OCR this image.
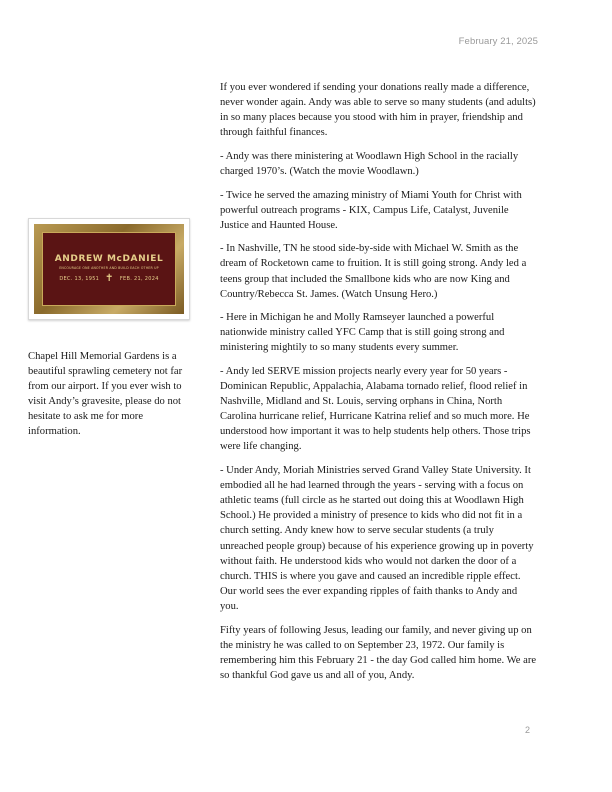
February 21, 2025

If you ever wondered if sending your donations really made a difference, never wonder again. Andy was able to serve so many students (and adults) in so many places because you stood with him in prayer, friendship and through faithful finances.

- Andy was there ministering at Woodlawn High School in the racially charged 1970’s. (Watch the movie Woodlawn.)

- Twice he served the amazing ministry of Miami Youth for Christ with powerful outreach programs - KIX, Campus Life, Catalyst, Juvenile Justice and Haunted House.

- In Nashville, TN he stood side-by-side with Michael W. Smith as the dream of Rocketown came to fruition. It is still going strong. Andy led a teens group that included the Smallbone kids who are now King and Country/Rebecca St. James. (Watch Unsung Hero.)

- Here in Michigan he and Molly Ramseyer launched a powerful nationwide ministry called YFC Camp that is still going strong and ministering mightily to so many students every summer.

- Andy led SERVE mission projects nearly every year for 50 years - Dominican Republic, Appalachia, Alabama tornado relief, flood relief in Nashville, Midland and St. Louis, serving orphans in China, North Carolina hurricane relief, Hurricane Katrina relief and so much more. He understood how important it was to help students help others. Those trips were life changing.

- Under Andy, Moriah Ministries served Grand Valley State University. It embodied all he had learned through the years - serving with a focus on athletic teams (full circle as he started out doing this at Woodlawn High School.) He provided a ministry of presence to kids who did not fit in a church setting. Andy knew how to serve secular students (a truly unreached people group) because of his experience growing up in poverty without faith. He understood kids who would not darken the door of a church. THIS is where you gave and caused an incredible ripple effect. Our world sees the ever expanding ripples of faith thanks to Andy and you.

Fifty years of following Jesus, leading our family, and never giving up on the ministry he was called to on September 23, 1972. Our family is remembering him this February 21 - the day God called him home. We are so thankful God gave us and all of you, Andy.

ANDREW McDANIEL
ENCOURAGE ONE ANOTHER AND BUILD EACH OTHER UP
DEC. 13, 1951 ✝ FEB. 21, 2024
Chapel Hill Memorial Gardens is a beautiful sprawling cemetery not far from our airport. If you ever wish to visit Andy’s gravesite, please do not hesitate to ask me for more information.
2
